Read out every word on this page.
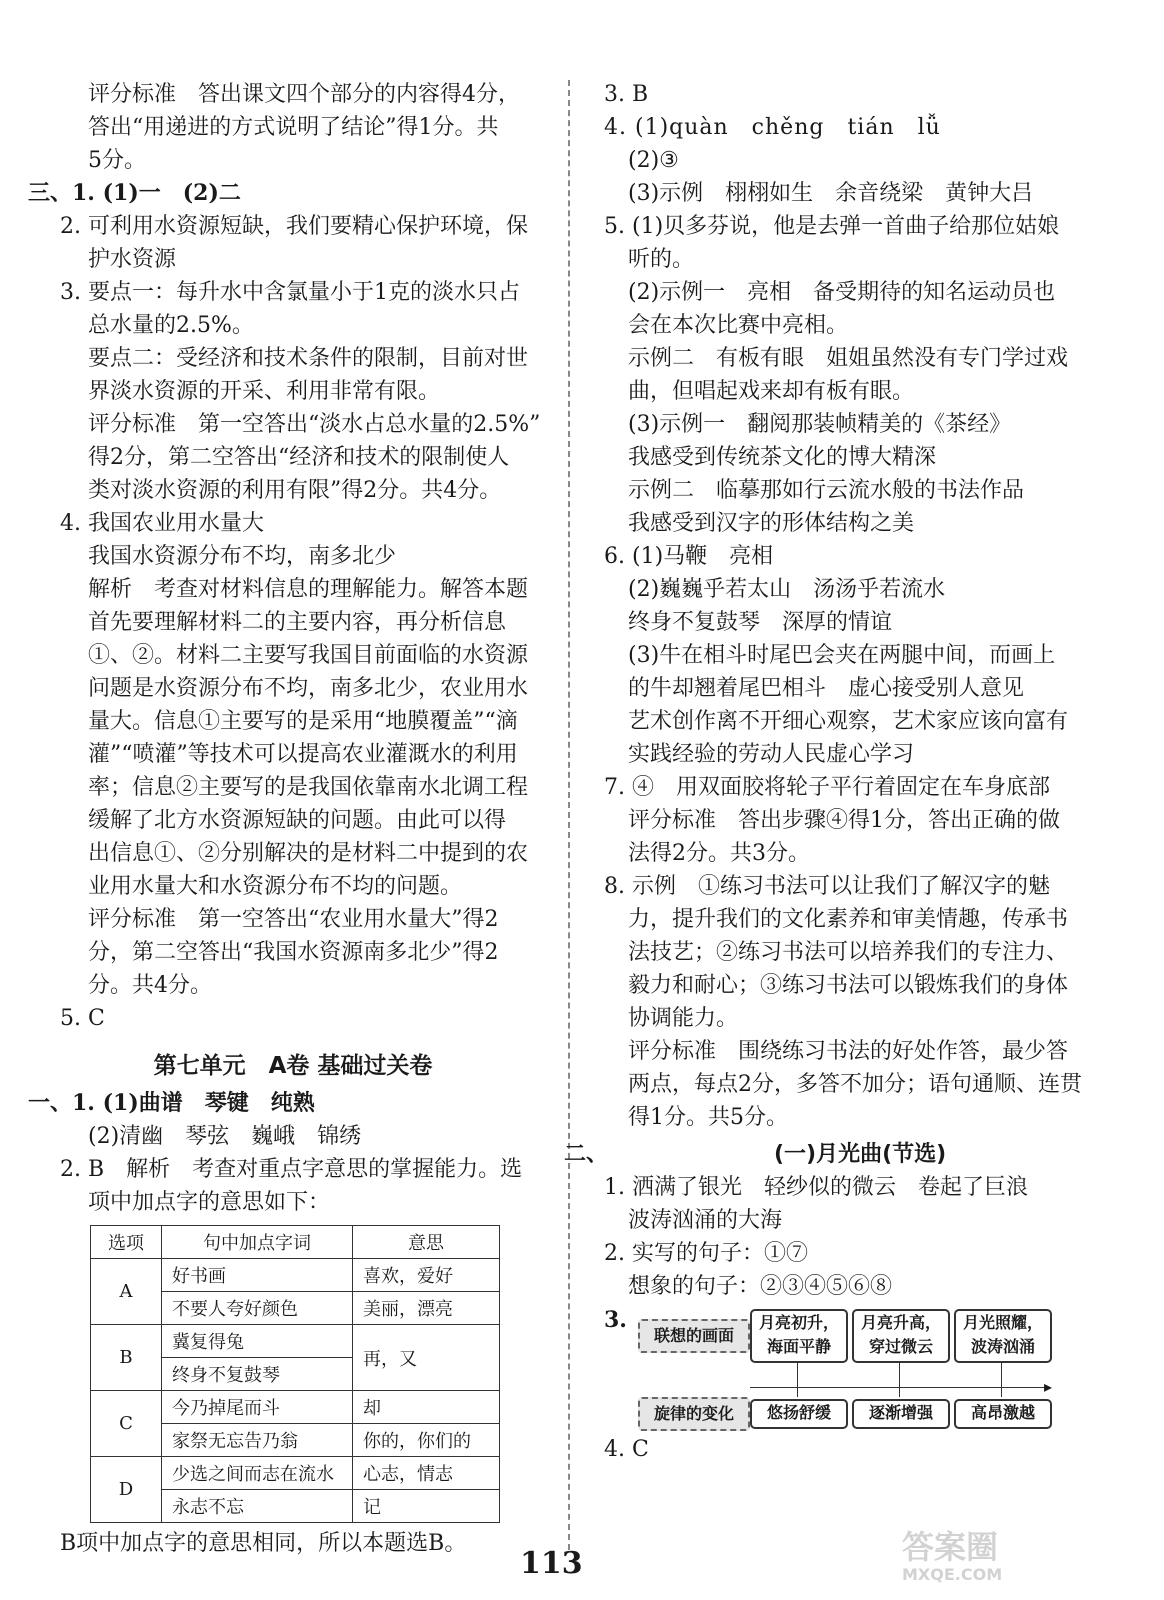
评分标准　答出课文四个部分的内容得4分，
答出“用递进的方式说明了结论”得1分。共
5分。
三、1. (1)一　(2)二
2. 可利用水资源短缺，我们要精心保护环境，保
护水资源
3. 要点一：每升水中含氯量小于1克的淡水只占
总水量的2.5%。
要点二：受经济和技术条件的限制，目前对世
界淡水资源的开采、利用非常有限。
评分标准　第一空答出“淡水占总水量的2.5%”
得2分，第二空答出“经济和技术的限制使人
类对淡水资源的利用有限”得2分。共4分。
4. 我国农业用水量大
我国水资源分布不均，南多北少
解析　考查对材料信息的理解能力。解答本题
首先要理解材料二的主要内容，再分析信息
①、②。材料二主要写我国目前面临的水资源
问题是水资源分布不均，南多北少，农业用水
量大。信息①主要写的是采用“地膜覆盖”“滴
灌”“喷灌”等技术可以提高农业灌溉水的利用
率；信息②主要写的是我国依靠南水北调工程
缓解了北方水资源短缺的问题。由此可以得
出信息①、②分别解决的是材料二中提到的农
业用水量大和水资源分布不均的问题。
评分标准　第一空答出“农业用水量大”得2
分，第二空答出“我国水资源南多北少”得2
分。共4分。
5. C
第七单元　A卷 基础过关卷
一、1. (1)曲谱　琴键　纯熟
(2)清幽　琴弦　巍峨　锦绣
2. B　解析　考查对重点字意思的掌握能力。选
项中加点字的意思如下：
选项	句中加点字词	意思
A	好书画	喜欢，爱好
	不要人夸好颜色	美丽，漂亮
B	冀复得兔	再，又
	终身不复鼓琴	
C	今乃掉尾而斗	却
	家祭无忘告乃翁	你的，你们的
D	少选之间而志在流水	心志，情志
	永志不忘	记
B项中加点字的意思相同，所以本题选B。
3. B
4. (1)quàn　chěng　tián　lǚ
(2)③
(3)示例　栩栩如生　余音绕梁　黄钟大吕
5. (1)贝多芬说，他是去弹一首曲子给那位姑娘
听的。
(2)示例一　亮相　备受期待的知名运动员也
会在本次比赛中亮相。
示例二　有板有眼　姐姐虽然没有专门学过戏
曲，但唱起戏来却有板有眼。
(3)示例一　翻阅那装帧精美的《茶经》
我感受到传统茶文化的博大精深
示例二　临摹那如行云流水般的书法作品
我感受到汉字的形体结构之美
6. (1)马鞭　亮相
(2)巍巍乎若太山　汤汤乎若流水
终身不复鼓琴　深厚的情谊
(3)牛在相斗时尾巴会夹在两腿中间，而画上
的牛却翘着尾巴相斗　虚心接受别人意见
艺术创作离不开细心观察，艺术家应该向富有
实践经验的劳动人民虚心学习
7. ④　用双面胶将轮子平行着固定在车身底部
评分标准　答出步骤④得1分，答出正确的做
法得2分。共3分。
8. 示例　①练习书法可以让我们了解汉字的魅
力，提升我们的文化素养和审美情趣，传承书
法技艺；②练习书法可以培养我们的专注力、
毅力和耐心；③练习书法可以锻炼我们的身体
协调能力。
评分标准　围绕练习书法的好处作答，最少答
两点，每点2分，多答不加分；语句通顺、连贯
得1分。共5分。
二、	(一)月光曲(节选)
1. 洒满了银光　轻纱似的微云　卷起了巨浪
波涛汹涌的大海
2. 实写的句子：①⑦
想象的句子：②③④⑤⑥⑧
3.
联想的画面
月亮初升，
海面平静
月亮升高，
穿过微云
月光照耀，
波涛汹涌
▸
旋律的变化	悠扬舒缓	逐渐增强	高昂激越
4. C
113	答案圈
MXQE.COM
